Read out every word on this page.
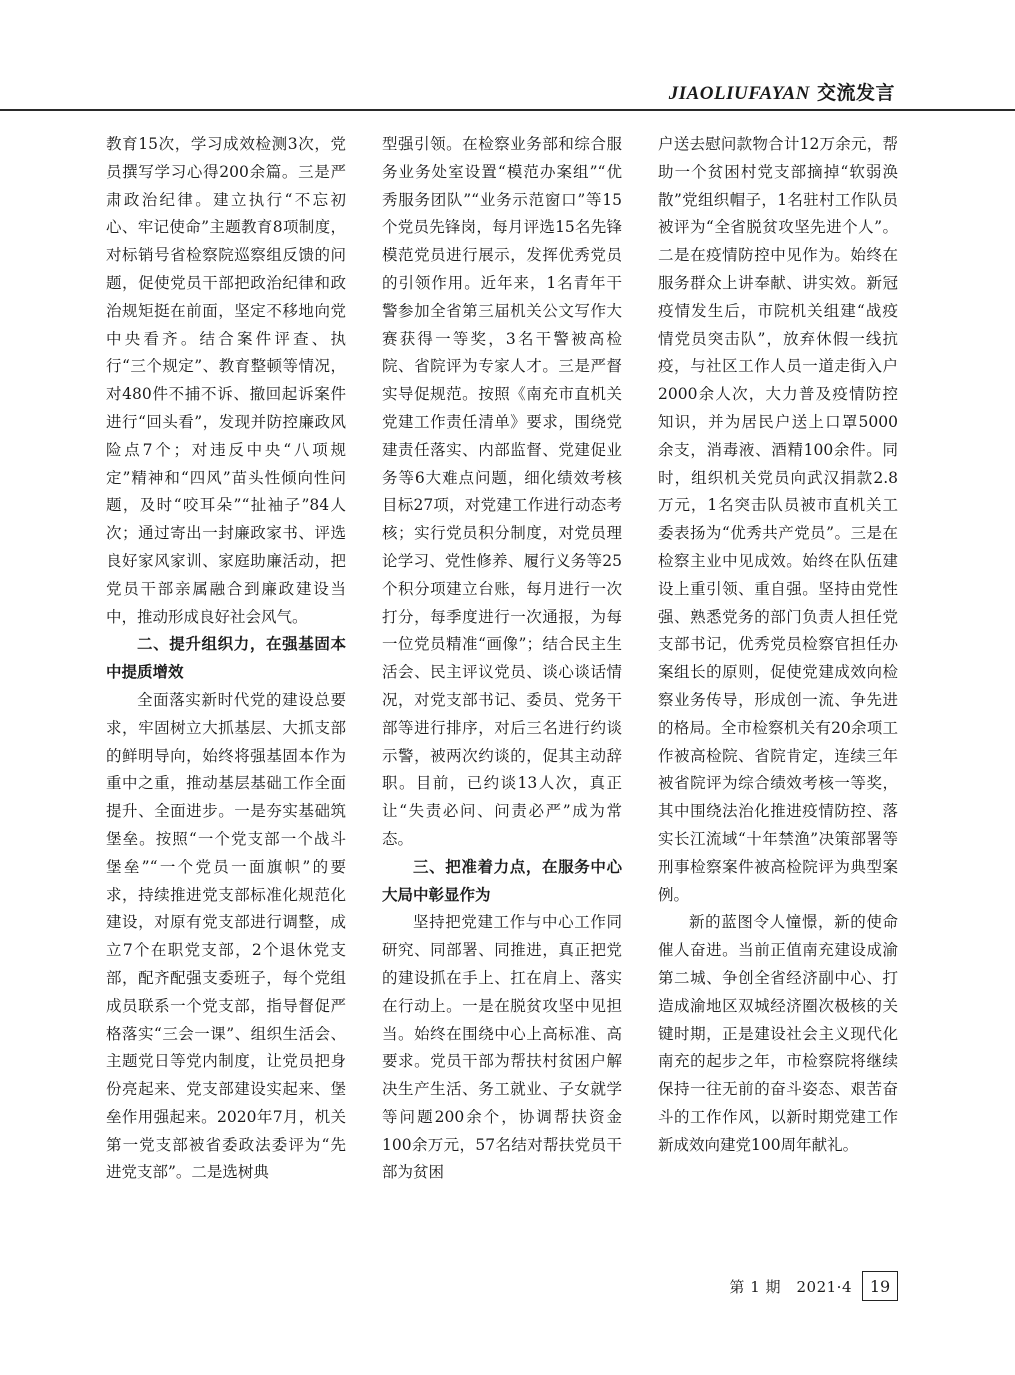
JIAOLIUFAYAN 交流发言

教育15次，学习成效检测3次，党员撰写学习心得200余篇。三是严肃政治纪律。建立执行“不忘初心、牢记使命”主题教育8项制度，对标销号省检察院巡察组反馈的问题，促使党员干部把政治纪律和政治规矩挺在前面，坚定不移地向党中央看齐。结合案件评查、执行“三个规定”、教育整顿等情况，对480件不捕不诉、撤回起诉案件进行“回头看”，发现并防控廉政风险点7个；对违反中央“八项规定”精神和“四风”苗头性倾向性问题，及时“咬耳朵”“扯袖子”84人次；通过寄出一封廉政家书、评选良好家风家训、家庭助廉活动，把党员干部亲属融合到廉政建设当中，推动形成良好社会风气。

二、提升组织力，在强基固本中提质增效

全面落实新时代党的建设总要求，牢固树立大抓基层、大抓支部的鲜明导向，始终将强基固本作为重中之重，推动基层基础工作全面提升、全面进步。一是夯实基础筑堡垒。按照“一个党支部一个战斗堡垒”“一个党员一面旗帜”的要求，持续推进党支部标准化规范化建设，对原有党支部进行调整，成立7个在职党支部，2个退休党支部，配齐配强支委班子，每个党组成员联系一个党支部，指导督促严格落实“三会一课”、组织生活会、主题党日等党内制度，让党员把身份亮起来、党支部建设实起来、堡垒作用强起来。2020年7月，机关第一党支部被省委政法委评为“先进党支部”。二是选树典

型强引领。在检察业务部和综合服务业务处室设置“模范办案组”“优秀服务团队”“业务示范窗口”等15个党员先锋岗，每月评选15名先锋模范党员进行展示，发挥优秀党员的引领作用。近年来，1名青年干警参加全省第三届机关公文写作大赛获得一等奖，3名干警被高检院、省院评为专家人才。三是严督实导促规范。按照《南充市直机关党建工作责任清单》要求，围绕党建责任落实、内部监督、党建促业务等6大难点问题，细化绩效考核目标27项，对党建工作进行动态考核；实行党员积分制度，对党员理论学习、党性修养、履行义务等25个积分项建立台账，每月进行一次打分，每季度进行一次通报，为每一位党员精准“画像”；结合民主生活会、民主评议党员、谈心谈话情况，对党支部书记、委员、党务干部等进行排序，对后三名进行约谈示警，被两次约谈的，促其主动辞职。目前，已约谈13人次，真正让“失责必问、问责必严”成为常态。

三、把准着力点，在服务中心大局中彰显作为

坚持把党建工作与中心工作同研究、同部署、同推进，真正把党的建设抓在手上、扛在肩上、落实在行动上。一是在脱贫攻坚中见担当。始终在围绕中心上高标准、高要求。党员干部为帮扶村贫困户解决生产生活、务工就业、子女就学等问题200余个，协调帮扶资金100余万元，57名结对帮扶党员干部为贫困

户送去慰问款物合计12万余元，帮助一个贫困村党支部摘掉“软弱涣散”党组织帽子，1名驻村工作队员被评为“全省脱贫攻坚先进个人”。二是在疫情防控中见作为。始终在服务群众上讲奉献、讲实效。新冠疫情发生后，市院机关组建“战疫情党员突击队”，放弃休假一线抗疫，与社区工作人员一道走街入户2000余人次，大力普及疫情防控知识，并为居民户送上口罩5000余支，消毒液、酒精100余件。同时，组织机关党员向武汉捐款2.8万元，1名突击队员被市直机关工委表扬为“优秀共产党员”。三是在检察主业中见成效。始终在队伍建设上重引领、重自强。坚持由党性强、熟悉党务的部门负责人担任党支部书记，优秀党员检察官担任办案组长的原则，促使党建成效向检察业务传导，形成创一流、争先进的格局。全市检察机关有20余项工作被高检院、省院肯定，连续三年被省院评为综合绩效考核一等奖，其中围绕法治化推进疫情防控、落实长江流域“十年禁渔”决策部署等刑事检察案件被高检院评为典型案例。

新的蓝图令人憧憬，新的使命催人奋进。当前正值南充建设成渝第二城、争创全省经济副中心、打造成渝地区双城经济圈次极核的关键时期，正是建设社会主义现代化南充的起步之年，市检察院将继续保持一往无前的奋斗姿态、艰苦奋斗的工作作风，以新时期党建工作新成效向建党100周年献礼。

第 1 期　2021·4	19
